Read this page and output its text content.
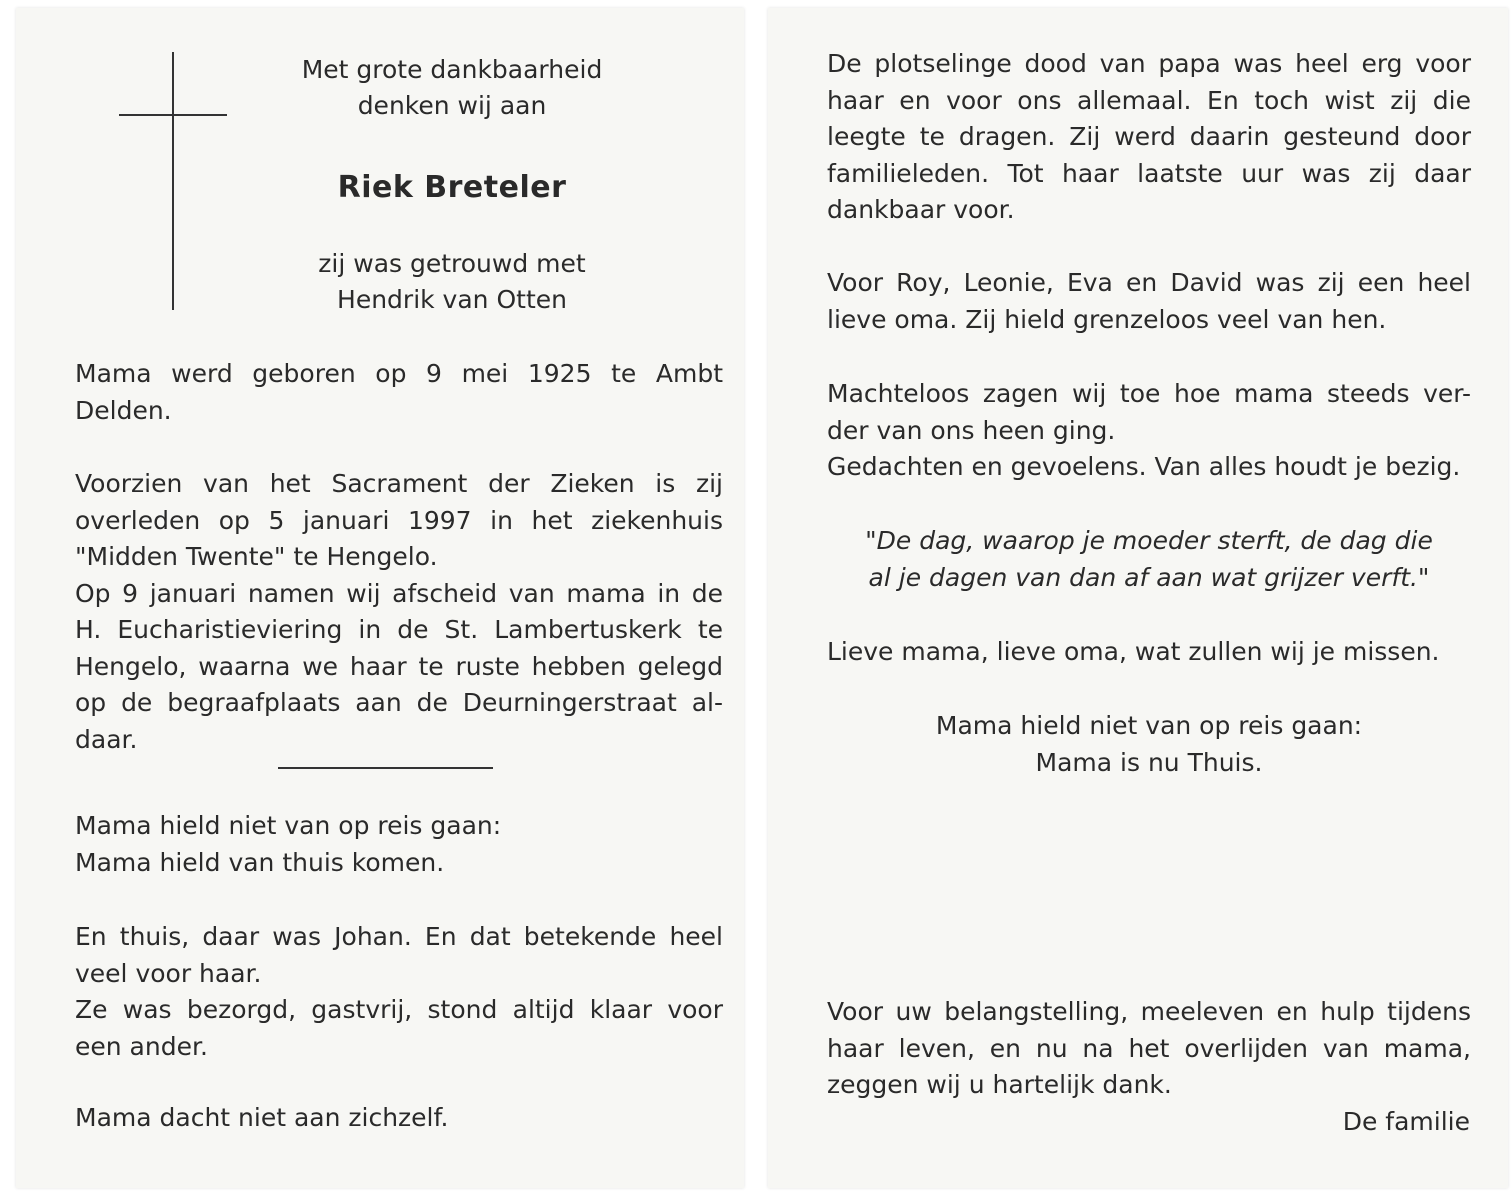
Met grote dankbaarheid
denken wij aan
Riek Breteler
zij was getrouwd met
Hendrik van Otten
Mama werd geboren op 9 mei 1925 te Ambt
Delden.
Voorzien van het Sacrament der Zieken is zij
overleden op 5 januari 1997 in het ziekenhuis
"Midden Twente" te Hengelo.
Op 9 januari namen wij afscheid van mama in de
H. Eucharistieviering in de St. Lambertuskerk te
Hengelo, waarna we haar te ruste hebben gelegd
op de begraafplaats aan de Deurningerstraat al-
daar.
Mama hield niet van op reis gaan:
Mama hield van thuis komen.
En thuis, daar was Johan. En dat betekende heel
veel voor haar.
Ze was bezorgd, gastvrij, stond altijd klaar voor
een ander.
Mama dacht niet aan zichzelf.
De plotselinge dood van papa was heel erg voor
haar en voor ons allemaal. En toch wist zij die
leegte te dragen. Zij werd daarin gesteund door
familieleden. Tot haar laatste uur was zij daar
dankbaar voor.
Voor Roy, Leonie, Eva en David was zij een heel
lieve oma. Zij hield grenzeloos veel van hen.
Machteloos zagen wij toe hoe mama steeds ver-
der van ons heen ging.
Gedachten en gevoelens. Van alles houdt je bezig.
"De dag, waarop je moeder sterft, de dag die
al je dagen van dan af aan wat grijzer verft."
Lieve mama, lieve oma, wat zullen wij je missen.
Mama hield niet van op reis gaan:
Mama is nu Thuis.
Voor uw belangstelling, meeleven en hulp tijdens
haar leven, en nu na het overlijden van mama,
zeggen wij u hartelijk dank.
De familie
